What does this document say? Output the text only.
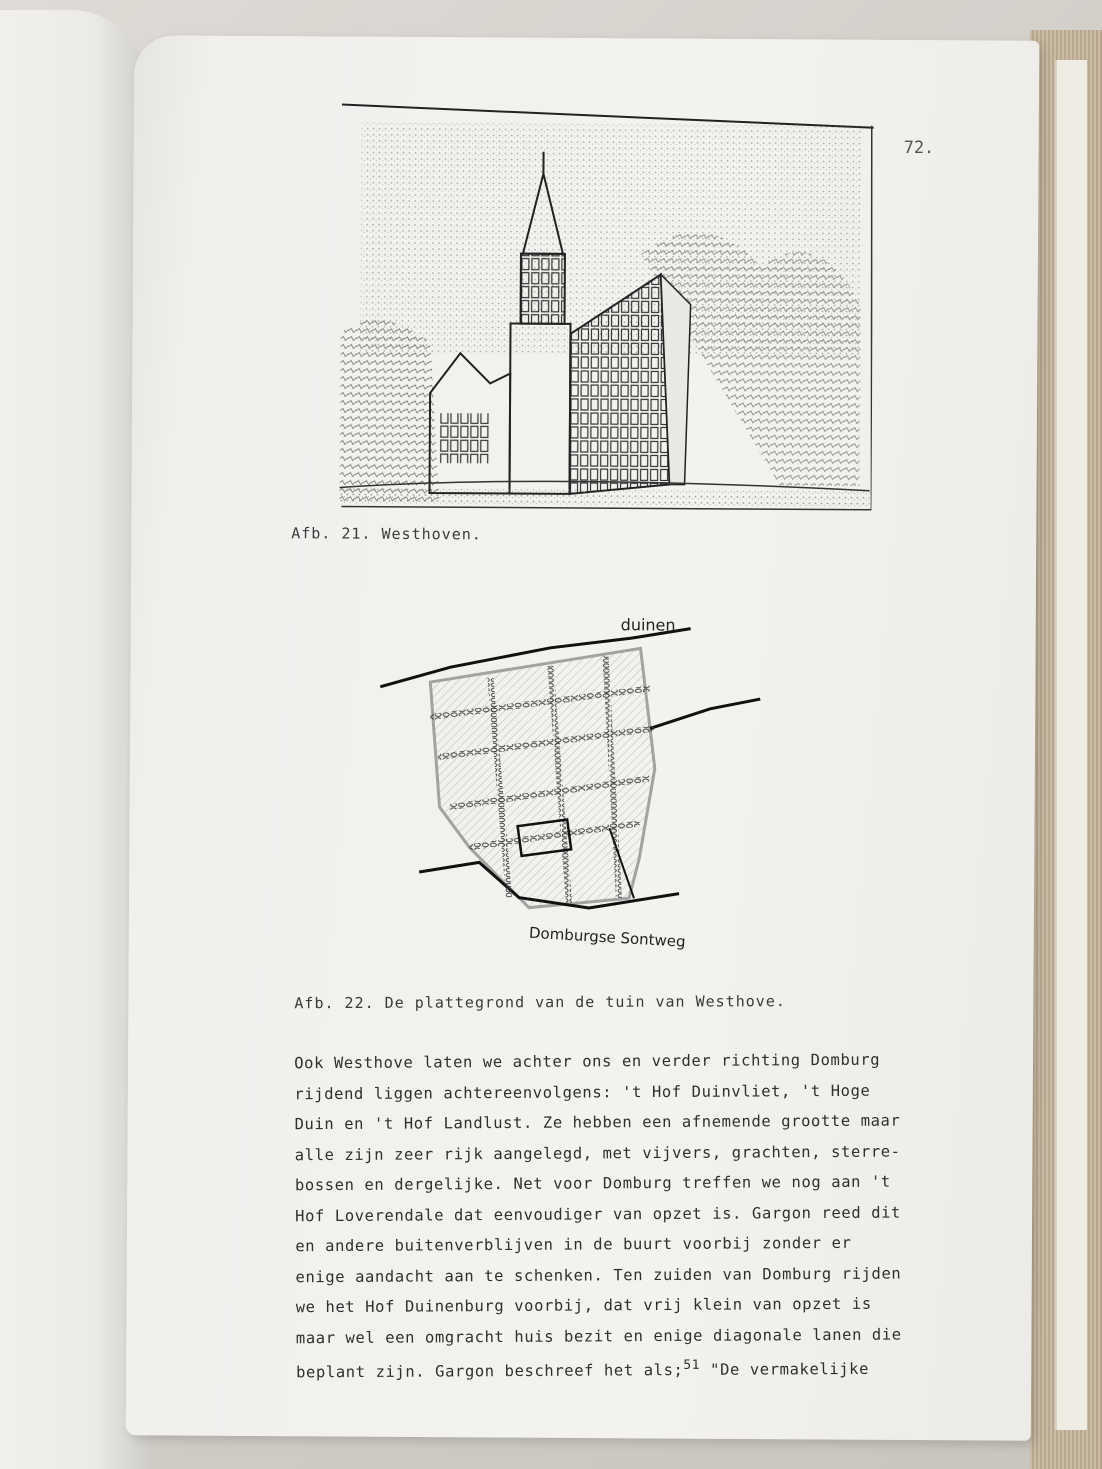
72.
Afb. 21. Westhoven.
duinen
Domburgse Sontweg
Afb. 22. De plattegrond van de tuin van Westhove.
Ook Westhove laten we achter ons en verder richting Domburg
rijdend liggen achtereenvolgens: 't Hof Duinvliet, 't Hoge
Duin en 't Hof Landlust. Ze hebben een afnemende grootte maar
alle zijn zeer rijk aangelegd, met vijvers, grachten, sterre-
bossen en dergelijke. Net voor Domburg treffen we nog aan 't
Hof Loverendale dat eenvoudiger van opzet is. Gargon reed dit
en andere buitenverblijven in de buurt voorbij zonder er
enige aandacht aan te schenken. Ten zuiden van Domburg rijden
we het Hof Duinenburg voorbij, dat vrij klein van opzet is
maar wel een omgracht huis bezit en enige diagonale lanen die
beplant zijn. Gargon beschreef het als;$^{51}$ "De vermakelijke
